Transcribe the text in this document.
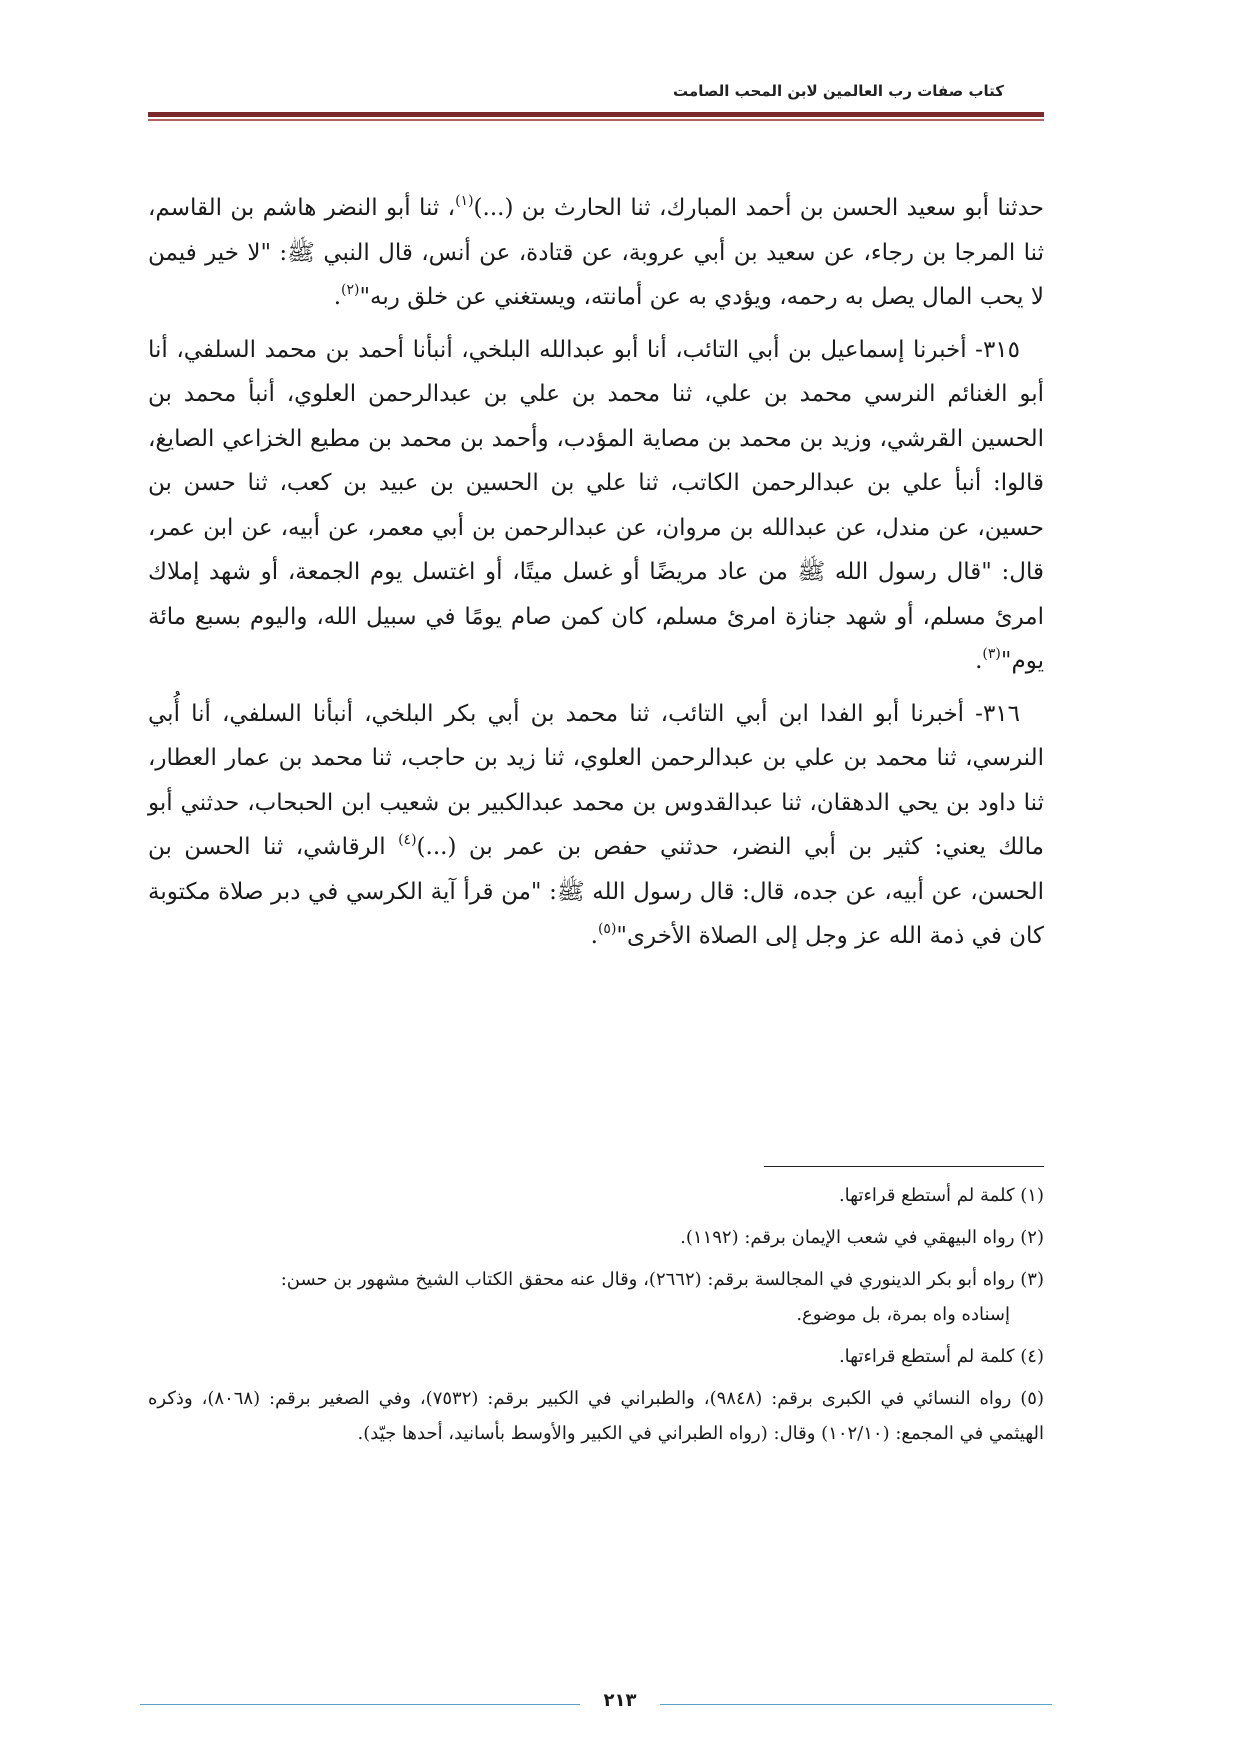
كتاب صفات رب العالمين لابن المحب الصامت

حدثنا أبو سعيد الحسن بن أحمد المبارك، ثنا الحارث بن (...)$^{(١)}$، ثنا أبو النضر هاشم بن القاسم، ثنا المرجا بن رجاء، عن سعيد بن أبي عروبة، عن قتادة، عن أنس، قال النبي ﷺ: "لا خير فيمن لا يحب المال يصل به رحمه، ويؤدي به عن أمانته، ويستغني عن خلق ربه"$^{(٢)}$.

٣١٥- أخبرنا إسماعيل بن أبي التائب، أنا أبو عبدالله البلخي، أنبأنا أحمد بن محمد السلفي، أنا أبو الغنائم النرسي محمد بن علي، ثنا محمد بن علي بن عبدالرحمن العلوي، أنبأ محمد بن الحسين القرشي، وزيد بن محمد بن مصاية المؤدب، وأحمد بن محمد بن مطيع الخزاعي الصايغ، قالوا: أنبأ علي بن عبدالرحمن الكاتب، ثنا علي بن الحسين بن عبيد بن كعب، ثنا حسن بن حسين، عن مندل، عن عبدالله بن مروان، عن عبدالرحمن بن أبي معمر، عن أبيه، عن ابن عمر، قال: "قال رسول الله ﷺ من عاد مريضًا أو غسل ميتًا، أو اغتسل يوم الجمعة، أو شهد إملاك امرئ مسلم، أو شهد جنازة امرئ مسلم، كان كمن صام يومًا في سبيل الله، واليوم بسبع مائة يوم"$^{(٣)}$.

٣١٦- أخبرنا أبو الفدا ابن أبي التائب، ثنا محمد بن أبي بكر البلخي، أنبأنا السلفي، أنا أُبي النرسي، ثنا محمد بن علي بن عبدالرحمن العلوي، ثنا زيد بن حاجب، ثنا محمد بن عمار العطار، ثنا داود بن يحي الدهقان، ثنا عبدالقدوس بن محمد عبدالكبير بن شعيب ابن الحبحاب، حدثني أبو مالك يعني: كثير بن أبي النضر، حدثني حفص بن عمر بن (...)$^{(٤)}$ الرقاشي، ثنا الحسن بن الحسن، عن أبيه، عن جده، قال: قال رسول الله ﷺ: "من قرأ آية الكرسي في دبر صلاة مكتوبة كان في ذمة الله عز وجل إلى الصلاة الأخرى"$^{(٥)}$.

(١) كلمة لم أستطع قراءتها.
(٢) رواه البيهقي في شعب الإيمان برقم: (١١٩٢).
(٣) رواه أبو بكر الدينوري في المجالسة برقم: (٢٦٦٢)، وقال عنه محقق الكتاب الشيخ مشهور بن حسن:
إسناده واه بمرة، بل موضوع.
(٤) كلمة لم أستطع قراءتها.
(٥) رواه النسائي في الكبرى برقم: (٩٨٤٨)، والطبراني في الكبير برقم: (٧٥٣٢)، وفي الصغير برقم: (٨٠٦٨)، وذكره الهيثمي في المجمع: (١٠٢/١٠) وقال: (رواه الطبراني في الكبير والأوسط بأسانيد، أحدها جيّد).
٢١٣
